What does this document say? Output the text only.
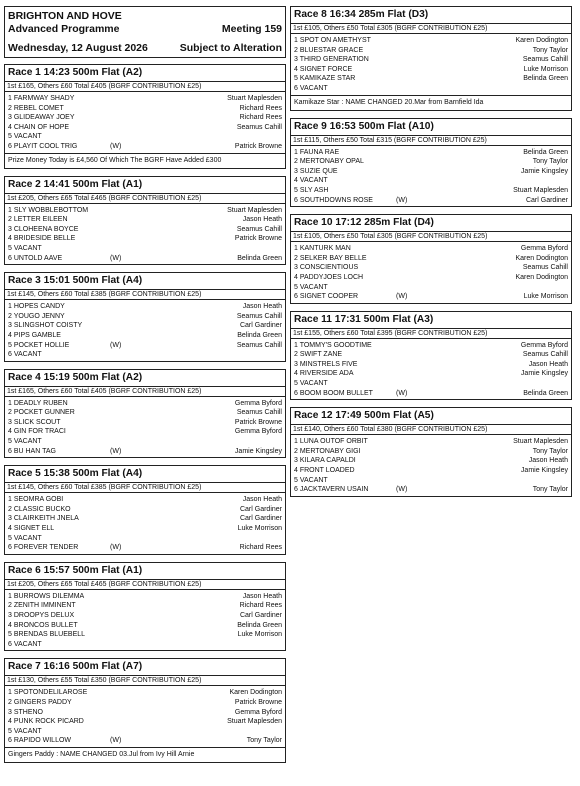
BRIGHTON AND HOVE
Advanced Programme	Meeting 159
Wednesday, 12 August 2026	Subject to Alteration
Race 1 14:23 500m Flat (A2)
1st £165, Others £60 Total £405 (BGRF CONTRIBUTION £25)
1 FARMWAY SHADY	Stuart Maplesden
2 REBEL COMET	Richard Rees
3 GLIDEAWAY JOEY	Richard Rees
4 CHAIN OF HOPE	Seamus Cahill
5 VACANT
6 PLAYIT COOL TRIG	(W)	Patrick Browne
Prize Money Today is £4,560 Of Which The BGRF Have Added £300
Race 2 14:41 500m Flat (A1)
1st £205, Others £65 Total £465 (BGRF CONTRIBUTION £25)
1 SLY WOBBLEBOTTOM	Stuart Maplesden
2 LETTER EILEEN	Jason Heath
3 CLOHEENA BOYCE	Seamus Cahill
4 BRIDESIDE BELLE	Patrick Browne
5 VACANT
6 UNTOLD AAVE	(W)	Belinda Green
Race 3 15:01 500m Flat (A4)
1st £145, Others £60 Total £385 (BGRF CONTRIBUTION £25)
1 HOPES CANDY	Jason Heath
2 YOUGO JENNY	Seamus Cahill
3 SLINGSHOT COISTY	Carl Gardiner
4 PIPS GAMBLE	Belinda Green
5 POCKET HOLLIE	(W)	Seamus Cahill
6 VACANT
Race 4 15:19 500m Flat (A2)
1st £165, Others £60 Total £405 (BGRF CONTRIBUTION £25)
1 DEADLY RUBEN	Gemma Byford
2 POCKET GUNNER	Seamus Cahill
3 SLICK SCOUT	Patrick Browne
4 GIN FOR TRACI	Gemma Byford
5 VACANT
6 BU HAN TAG	(W)	Jamie Kingsley
Race 5 15:38 500m Flat (A4)
1st £145, Others £60 Total £385 (BGRF CONTRIBUTION £25)
1 SEOMRA GOBI	Jason Heath
2 CLASSIC BUCKO	Carl Gardiner
3 CLAIRKEITH JNELA	Carl Gardiner
4 SIGNET ELL	Luke Morrison
5 VACANT
6 FOREVER TENDER	(W)	Richard Rees
Race 6 15:57 500m Flat (A1)
1st £205, Others £65 Total £465 (BGRF CONTRIBUTION £25)
1 BURROWS DILEMMA	Jason Heath
2 ZENITH IMMINENT	Richard Rees
3 DROOPYS DELUX	Carl Gardiner
4 BRONCOS BULLET	Belinda Green
5 BRENDAS BLUEBELL	Luke Morrison
6 VACANT
Race 7 16:16 500m Flat (A7)
1st £130, Others £55 Total £350 (BGRF CONTRIBUTION £25)
1 SPOTONDELILAROSE	Karen Dodington
2 GINGERS PADDY	Patrick Browne
3 STHENO	Gemma Byford
4 PUNK ROCK PICARD	Stuart Maplesden
5 VACANT
6 RAPIDO WILLOW	(W)	Tony Taylor
Gingers Paddy : NAME CHANGED 03.Jul from Ivy Hill Arnie
Race 8 16:34 285m Flat (D3)
1st £105, Others £50 Total £305 (BGRF CONTRIBUTION £25)
1 SPOT ON AMETHYST	Karen Dodington
2 BLUESTAR GRACE	Tony Taylor
3 THIRD GENERATION	Seamus Cahill
4 SIGNET FORCE	Luke Morrison
5 KAMIKAZE STAR	Belinda Green
6 VACANT
Kamikaze Star : NAME CHANGED 20.Mar from Barnfield Ida
Race 9 16:53 500m Flat (A10)
1st £115, Others £50 Total £315 (BGRF CONTRIBUTION £25)
1 FAUNA RAE	Belinda Green
2 MERTONABY OPAL	Tony Taylor
3 SUZIE QUE	Jamie Kingsley
4 VACANT
5 SLY ASH	Stuart Maplesden
6 SOUTHDOWNS ROSE	(W)	Carl Gardiner
Race 10 17:12 285m Flat (D4)
1st £105, Others £50 Total £305 (BGRF CONTRIBUTION £25)
1 KANTURK MAN	Gemma Byford
2 SELKER BAY BELLE	Karen Dodington
3 CONSCIENTIOUS	Seamus Cahill
4 PADDYJOES LOCH	Karen Dodington
5 VACANT
6 SIGNET COOPER	(W)	Luke Morrison
Race 11 17:31 500m Flat (A3)
1st £155, Others £60 Total £395 (BGRF CONTRIBUTION £25)
1 TOMMY'S GOODTIME	Gemma Byford
2 SWIFT ZANE	Seamus Cahill
3 MINSTRELS FIVE	Jason Heath
4 RIVERSIDE ADA	Jamie Kingsley
5 VACANT
6 BOOM BOOM BULLET	(W)	Belinda Green
Race 12 17:49 500m Flat (A5)
1st £140, Others £60 Total £380 (BGRF CONTRIBUTION £25)
1 LUNA OUTOF ORBIT	Stuart Maplesden
2 MERTONABY GIGI	Tony Taylor
3 KILARA CAPALDI	Jason Heath
4 FRONT LOADED	Jamie Kingsley
5 VACANT
6 JACKTAVERN USAIN	(W)	Tony Taylor
